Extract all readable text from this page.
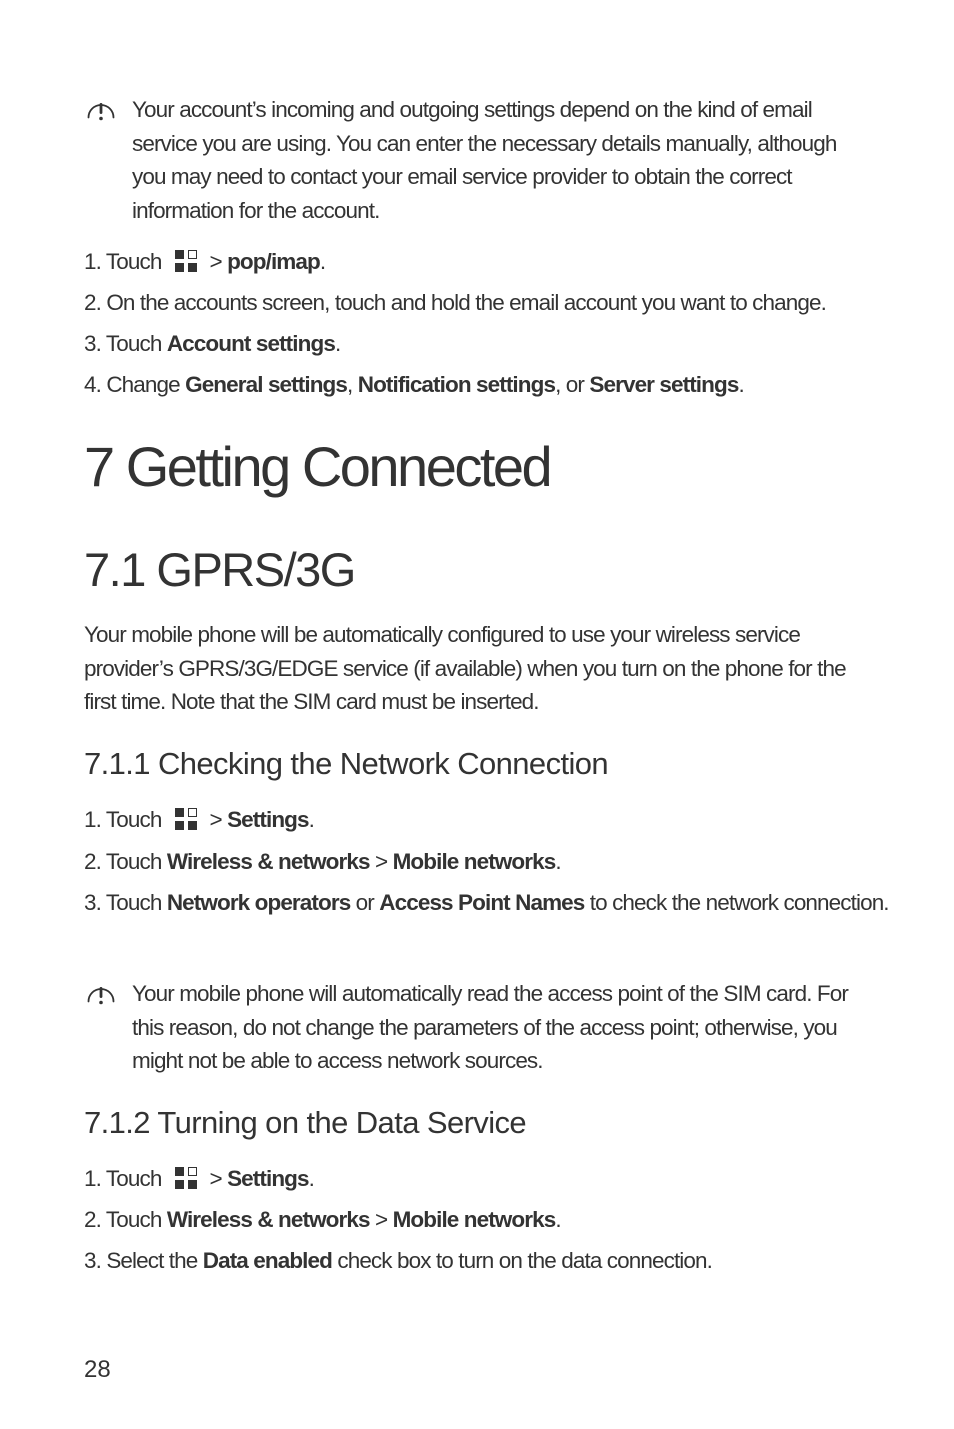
Your account’s incoming and outgoing settings depend on the kind of email service you are using. You can enter the necessary details manually, although you may need to contact your email service provider to obtain the correct information for the account.
1. Touch > pop/imap.
2. On the accounts screen, touch and hold the email account you want to change.
3. Touch Account settings.
4. Change General settings, Notification settings, or Server settings.
7 Getting Connected
7.1 GPRS/3G
Your mobile phone will be automatically configured to use your wireless service provider’s GPRS/3G/EDGE service (if available) when you turn on the phone for the first time. Note that the SIM card must be inserted.
7.1.1 Checking the Network Connection
1. Touch > Settings.
2. Touch Wireless & networks > Mobile networks.
3. Touch Network operators or Access Point Names to check the network connection.
Your mobile phone will automatically read the access point of the SIM card. For this reason, do not change the parameters of the access point; otherwise, you might not be able to access network sources.
7.1.2 Turning on the Data Service
1. Touch > Settings.
2. Touch Wireless & networks > Mobile networks.
3. Select the Data enabled check box to turn on the data connection.
28
